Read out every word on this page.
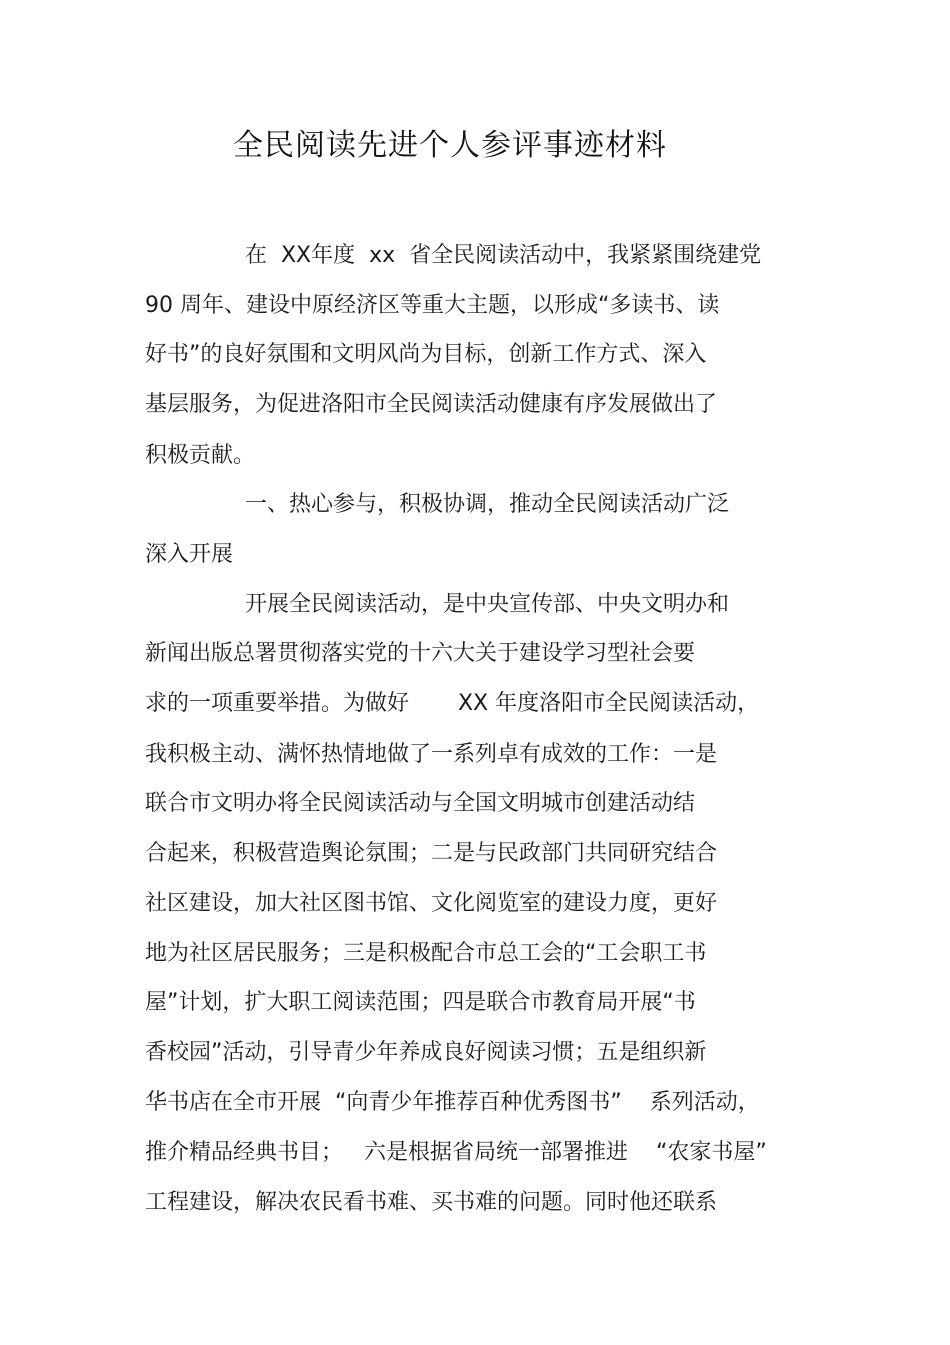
全民阅读先进个人参评事迹材料
在  XX年度  xx  省全民阅读活动中，我紧紧围绕建党
90 周年、建设中原经济区等重大主题，以形成“多读书、读
好书”的良好氛围和文明风尚为目标，创新工作方式、深入
基层服务，为促进洛阳市全民阅读活动健康有序发展做出了
积极贡献。
一、热心参与，积极协调，推动全民阅读活动广泛
深入开展
开展全民阅读活动，是中央宣传部、中央文明办和
新闻出版总署贯彻落实党的十六大关于建设学习型社会要
求的一项重要举措。为做好       XX 年度洛阳市全民阅读活动，
我积极主动、满怀热情地做了一系列卓有成效的工作：一是
联合市文明办将全民阅读活动与全国文明城市创建活动结
合起来，积极营造舆论氛围；二是与民政部门共同研究结合
社区建设，加大社区图书馆、文化阅览室的建设力度，更好
地为社区居民服务；三是积极配合市总工会的“工会职工书
屋”计划，扩大职工阅读范围；四是联合市教育局开展“书
香校园”活动，引导青少年养成良好阅读习惯；五是组织新
华书店在全市开展  “向青少年推荐百种优秀图书”    系列活动，
推介精品经典书目；   六是根据省局统一部署推进    “农家书屋”
工程建设，解决农民看书难、买书难的问题。同时他还联系
